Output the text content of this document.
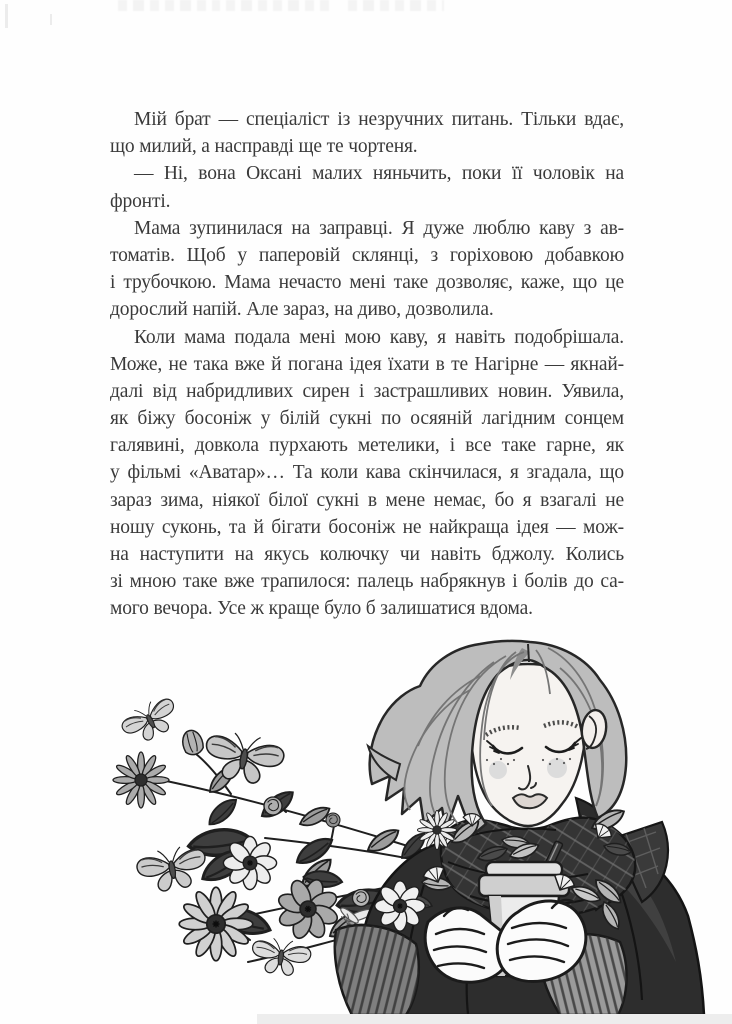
Мій брат — спеціаліст із незручних питань. Тільки вдає,
що милий, а насправді ще те чортеня.
— Ні, вона Оксані малих няньчить, поки її чоловік на
фронті.
Мама зупинилася на заправці. Я дуже люблю каву з ав-
томатів. Щоб у паперовій склянці, з горіховою добавкою
і трубочкою. Мама нечасто мені таке дозволяє, каже, що це
дорослий напій. Але зараз, на диво, дозволила.
Коли мама подала мені мою каву, я навіть подобрішала.
Може, не така вже й погана ідея їхати в те Нагірне — якнай-
далі від набридливих сирен і застрашливих новин. Уявила,
як біжу босоніж у білій сукні по осяяній лагідним сонцем
галявині, довкола пурхають метелики, і все таке гарне, як
у фільмі «Аватар»… Та коли кава скінчилася, я згадала, що
зараз зима, ніякої білої сукні в мене немає, бо я взагалі не
ношу суконь, та й бігати босоніж не найкраща ідея — мож-
на наступити на якусь колючку чи навіть бджолу. Колись
зі мною таке вже трапилося: палець набрякнув і болів до са-
мого вечора. Усе ж краще було б залишатися вдома.
